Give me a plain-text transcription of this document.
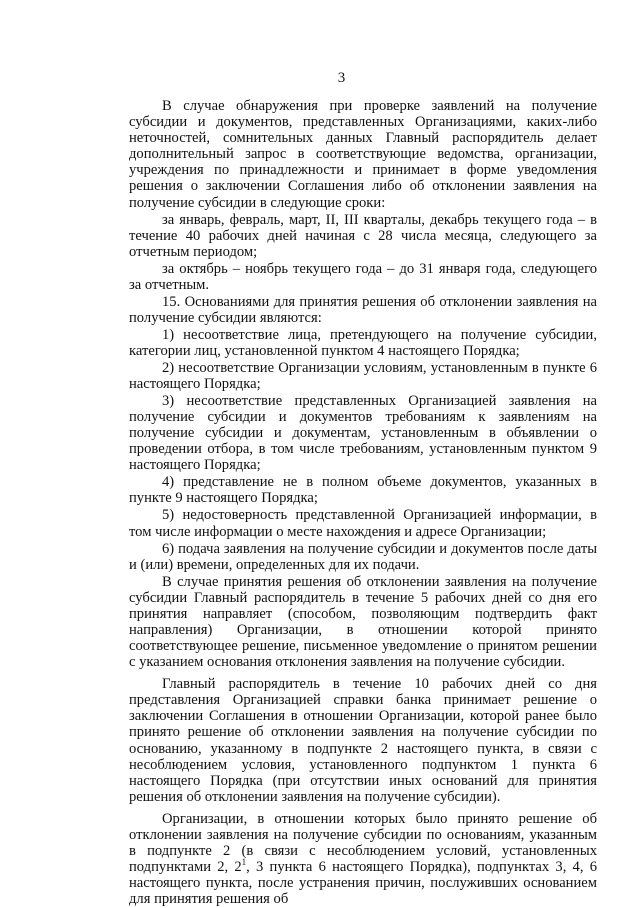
3

В случае обнаружения при проверке заявлений на получение субсидии и документов, представленных Организациями, каких-либо неточностей, сомнительных данных Главный распорядитель делает дополнительный запрос в соответствующие ведомства, организации, учреждения по принадлежности и принимает в форме уведомления решения о заключении Соглашения либо об отклонении заявления на получение субсидии в следующие сроки:

за январь, февраль, март, II, III кварталы, декабрь текущего года – в течение 40 рабочих дней начиная с 28 числа месяца, следующего за отчетным периодом;

за октябрь – ноябрь текущего года – до 31 января года, следующего за отчетным.

15. Основаниями для принятия решения об отклонении заявления на получение субсидии являются:

1) несоответствие лица, претендующего на получение субсидии, категории лиц, установленной пунктом 4 настоящего Порядка;

2) несоответствие Организации условиям, установленным в пункте 6 настоящего Порядка;

3) несоответствие представленных Организацией заявления на получение субсидии и документов требованиям к заявлениям на получение субсидии и документам, установленным в объявлении о проведении отбора, в том числе требованиям, установленным пунктом 9 настоящего Порядка;

4) представление не в полном объеме документов, указанных в пункте 9 настоящего Порядка;

5) недостоверность представленной Организацией информации, в том числе информации о месте нахождения и адресе Организации;

6) подача заявления на получение субсидии и документов после даты и (или) времени, определенных для их подачи.

В случае принятия решения об отклонении заявления на получение субсидии Главный распорядитель в течение 5 рабочих дней со дня его принятия направляет (способом, позволяющим подтвердить факт направления) Организации, в отношении которой принято соответствующее решение, письменное уведомление о принятом решении с указанием основания отклонения заявления на получение субсидии.

Главный распорядитель в течение 10 рабочих дней со дня представления Организацией справки банка принимает решение о заключении Соглашения в отношении Организации, которой ранее было принято решение об отклонении заявления на получение субсидии по основанию, указанному в подпункте 2 настоящего пункта, в связи с несоблюдением условия, установленного подпунктом 1 пункта 6 настоящего Порядка (при отсутствии иных оснований для принятия решения об отклонении заявления на получение субсидии).

Организации, в отношении которых было принято решение об отклонении заявления на получение субсидии по основаниям, указанным в подпункте 2 (в связи с несоблюдением условий, установленных подпунктами 2, $2^1$, 3 пункта 6 настоящего Порядка), подпунктах 3, 4, 6 настоящего пункта, после устранения причин, послуживших основанием для принятия решения об
